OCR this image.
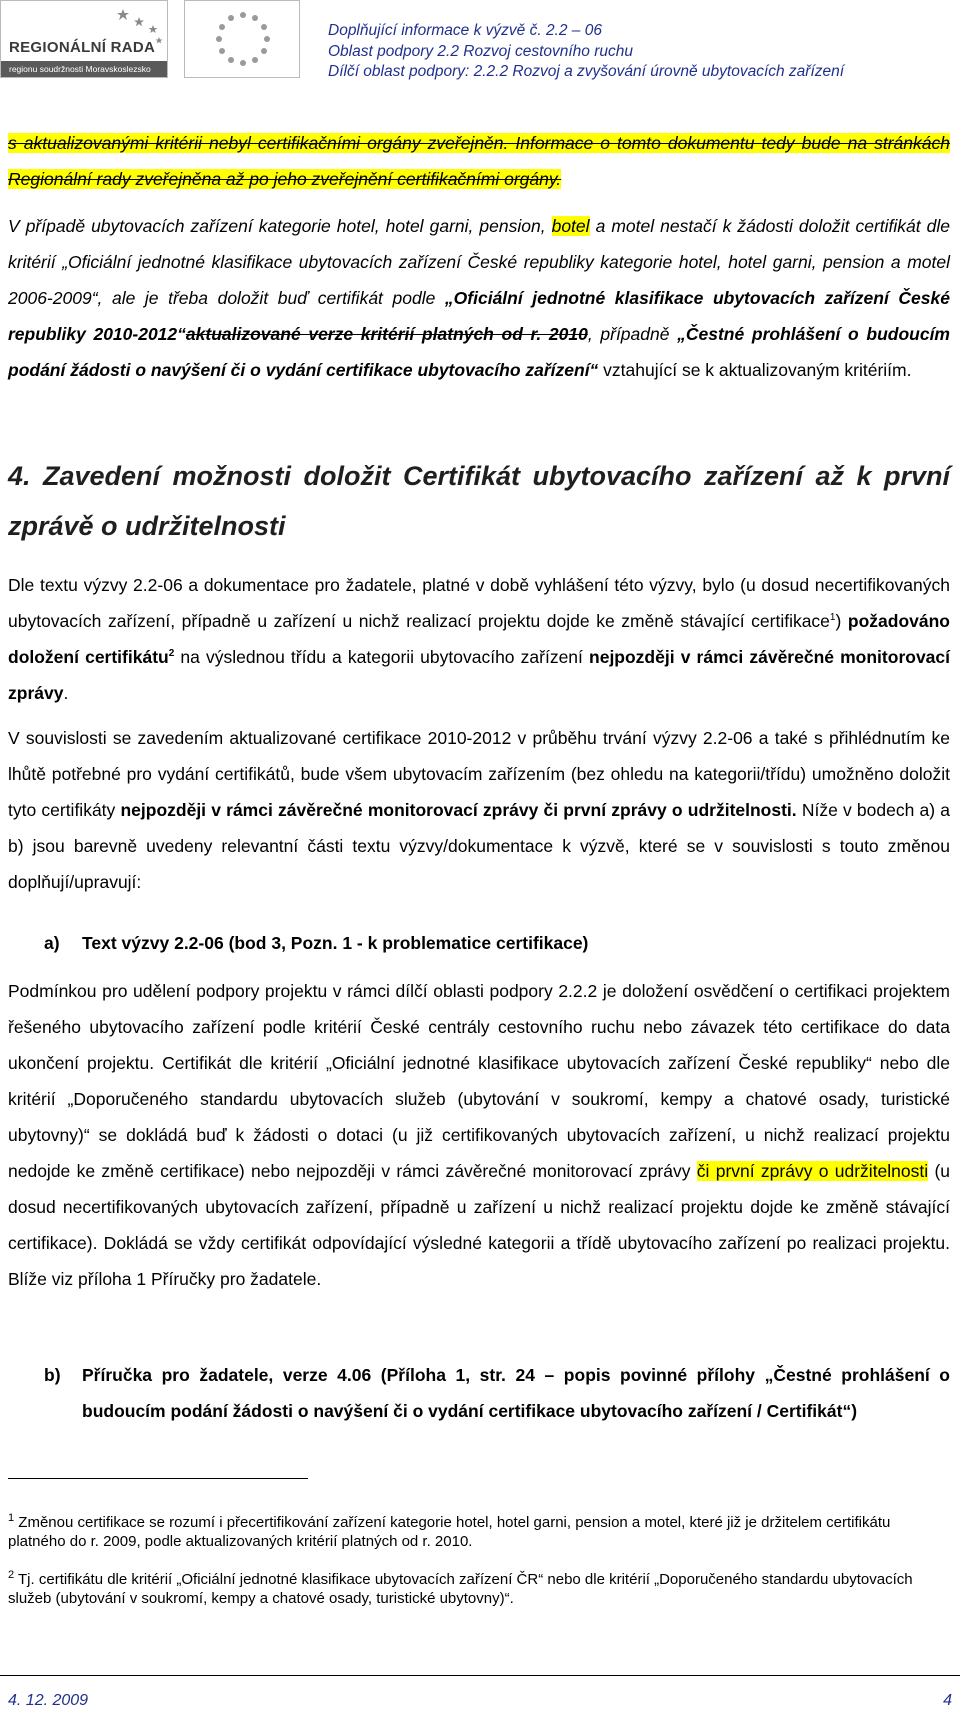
REGIONÁLNÍ RADA
regionu soudržnosti Moravskoslezsko
Doplňující informace k výzvě č. 2.2 – 06
Oblast podpory 2.2 Rozvoj cestovního ruchu
Dílčí oblast podpory: 2.2.2 Rozvoj a zvyšování úrovně ubytovacích zařízení
s aktualizovanými kritérii nebyl certifikačními orgány zveřejněn. Informace o tomto dokumentu tedy bude na stránkách Regionální rady zveřejněna až po jeho zveřejnění certifikačními orgány.
V případě ubytovacích zařízení kategorie hotel, hotel garni, pension, botel a motel nestačí k žádosti doložit certifikát dle kritérií „Oficiální jednotné klasifikace ubytovacích zařízení České republiky kategorie hotel, hotel garni, pension a motel 2006-2009“, ale je třeba doložit buď certifikát podle „Oficiální jednotné klasifikace ubytovacích zařízení České republiky 2010-2012“aktualizované verze kritérií platných od r. 2010, případně „Čestné prohlášení o budoucím podání žádosti o navýšení či o vydání certifikace ubytovacího zařízení“ vztahující se k aktualizovaným kritériím.
4. Zavedení možnosti doložit Certifikát ubytovacího zařízení až k první zprávě o udržitelnosti
Dle textu výzvy 2.2-06 a dokumentace pro žadatele, platné v době vyhlášení této výzvy, bylo (u dosud necertifikovaných ubytovacích zařízení, případně u zařízení u nichž realizací projektu dojde ke změně stávající certifikace$^1$) požadováno doložení certifikátu$^2$ na výslednou třídu a kategorii ubytovacího zařízení nejpozději v rámci závěrečné monitorovací zprávy.
V souvislosti se zavedením aktualizované certifikace 2010-2012 v průběhu trvání výzvy 2.2-06 a také s přihlédnutím ke lhůtě potřebné pro vydání certifikátů, bude všem ubytovacím zařízením (bez ohledu na kategorii/třídu) umožněno doložit tyto certifikáty nejpozději v rámci závěrečné monitorovací zprávy či první zprávy o udržitelnosti. Níže v bodech a) a b) jsou barevně uvedeny relevantní části textu výzvy/dokumentace k výzvě, které se v souvislosti s touto změnou doplňují/upravují:
a) Text výzvy 2.2-06 (bod 3, Pozn. 1 - k problematice certifikace)
Podmínkou pro udělení podpory projektu v rámci dílčí oblasti podpory 2.2.2 je doložení osvědčení o certifikaci projektem řešeného ubytovacího zařízení podle kritérií České centrály cestovního ruchu nebo závazek této certifikace do data ukončení projektu. Certifikát dle kritérií „Oficiální jednotné klasifikace ubytovacích zařízení České republiky“ nebo dle kritérií „Doporučeného standardu ubytovacích služeb (ubytování v soukromí, kempy a chatové osady, turistické ubytovny)“ se dokládá buď k žádosti o dotaci (u již certifikovaných ubytovacích zařízení, u nichž realizací projektu nedojde ke změně certifikace) nebo nejpozději v rámci závěrečné monitorovací zprávy či první zprávy o udržitelnosti (u dosud necertifikovaných ubytovacích zařízení, případně u zařízení u nichž realizací projektu dojde ke změně stávající certifikace). Dokládá se vždy certifikát odpovídající výsledné kategorii a třídě ubytovacího zařízení po realizaci projektu. Blíže viz příloha 1 Příručky pro žadatele.
b) Příručka pro žadatele, verze 4.06 (Příloha 1, str. 24 – popis povinné přílohy „Čestné prohlášení o budoucím podání žádosti o navýšení či o vydání certifikace ubytovacího zařízení / Certifikát“)
$^1$ Změnou certifikace se rozumí i přecertifikování zařízení kategorie hotel, hotel garni, pension a motel, které již je držitelem certifikátu platného do r. 2009, podle aktualizovaných kritérií platných od r. 2010.
$^2$ Tj. certifikátu dle kritérií „Oficiální jednotné klasifikace ubytovacích zařízení ČR“ nebo dle kritérií „Doporučeného standardu ubytovacích služeb (ubytování v soukromí, kempy a chatové osady, turistické ubytovny)“.
4. 12. 2009	4
